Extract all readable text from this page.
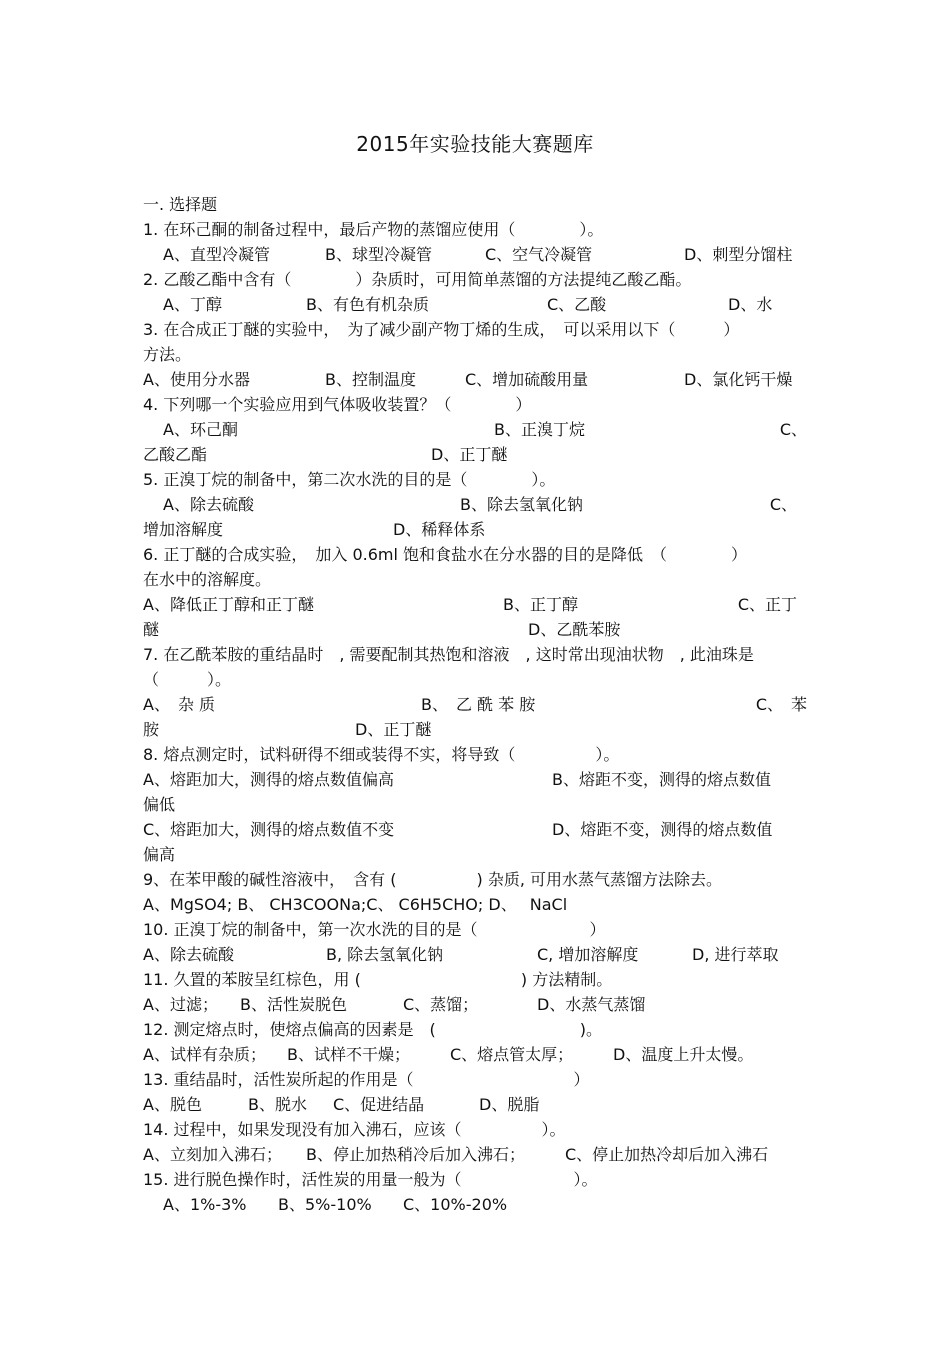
2015年实验技能大赛题库
一. 选择题
1. 在环己酮的制备过程中，最后产物的蒸馏应使用（　　　　）。
A、直型冷凝管	B、球型冷凝管	C、空气冷凝管	D、刺型分馏柱
2. 乙酸乙酯中含有（　　　　）杂质时，可用简单蒸馏的方法提纯乙酸乙酯。
A、丁醇	B、有色有机杂质	C、乙酸	D、水
3. 在合成正丁醚的实验中，　为了减少副产物丁烯的生成，　可以采用以下（　　　）
方法。
A、使用分水器	B、控制温度	C、增加硫酸用量	D、氯化钙干燥
4. 下列哪一个实验应用到气体吸收装置？（　　　　）
A、环己酮	B、正溴丁烷	C、
乙酸乙酯	D、正丁醚
5. 正溴丁烷的制备中，第二次水洗的目的是（　　　　）。
A、除去硫酸	B、除去氢氧化钠	C、
增加溶解度	D、稀释体系
6. 正丁醚的合成实验，　加入 0.6ml 饱和食盐水在分水器的目的是降低　（　　　　）
在水中的溶解度。
A、降低正丁醇和正丁醚	B、正丁醇	C、正丁
醚	D、乙酰苯胺
7. 在乙酰苯胺的重结晶时　, 需要配制其热饱和溶液　, 这时常出现油状物　, 此油珠是
（　　　）。
A、　杂 质	B、　乙 酰 苯 胺	C、　苯
胺	D、正丁醚
8. 熔点测定时，试料研得不细或装得不实，将导致（　　　　　）。
A、熔距加大，测得的熔点数值偏高	B、熔距不变，测得的熔点数值
偏低
C、熔距加大，测得的熔点数值不变	D、熔距不变，测得的熔点数值
偏高
9、在苯甲酸的碱性溶液中，　含有 (　　　　　) 杂质, 可用水蒸气蒸馏方法除去。
A、MgSO4; B、 CH3COONa;C、 C6H5CHO; D、　 NaCl
10. 正溴丁烷的制备中，第一次水洗的目的是（　　　　　　　）
A、除去硫酸	B, 除去氢氧化钠	C, 增加溶解度	D, 进行萃取
11. 久置的苯胺呈红棕色，用 (　　　　　　　　　　) 方法精制。
A、过滤； B、活性炭脱色	C、蒸馏；	D、水蒸气蒸馏
12. 测定熔点时，使熔点偏高的因素是　(　　　　　　　　　)。
A、试样有杂质； B、试样不干燥；	C、熔点管太厚； D、温度上升太慢。
13. 重结晶时，活性炭所起的作用是（　　　　　　　　　　）
A、脱色	B、脱水 C、促进结晶	D、脱脂
14. 过程中，如果发现没有加入沸石，应该（　　　　　）。
A、立刻加入沸石； B、停止加热稍冷后加入沸石；	C、停止加热冷却后加入沸石
15. 进行脱色操作时，活性炭的用量一般为（　　　　　　　）。
A、1%-3% B、5%-10% C、10%-20%
